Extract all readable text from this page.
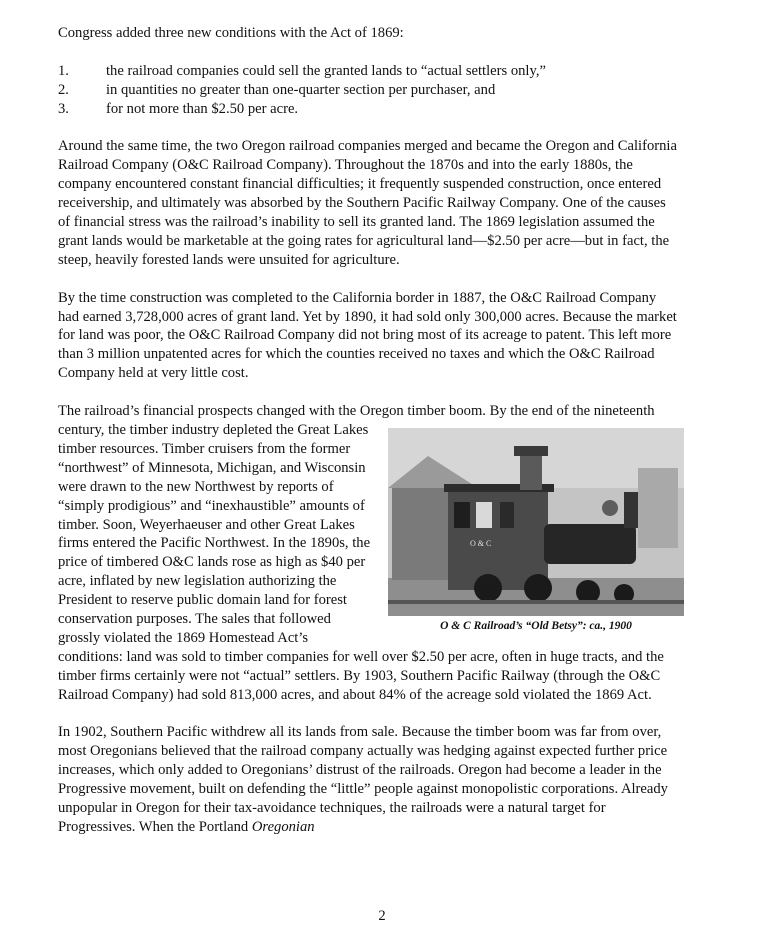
Congress added three new conditions with the Act of 1869:

1.	the railroad companies could sell the granted lands to “actual settlers only,”
2.	in quantities no greater than one-quarter section per purchaser, and
3.	for not more than $2.50 per acre.

Around the same time, the two Oregon railroad companies merged and became the Oregon and California Railroad Company (O&C Railroad Company). Throughout the 1870s and into the early 1880s, the company encountered constant financial difficulties; it frequently suspended construction, once entered receivership, and ultimately was absorbed by the Southern Pacific Railway Company. One of the causes of financial stress was the railroad’s inability to sell its granted land. The 1869 legislation assumed the grant lands would be marketable at the going rates for agricultural land—$2.50 per acre—but in fact, the steep, heavily forested lands were unsuited for agriculture.

By the time construction was completed to the California border in 1887, the O&C Railroad Company had earned 3,728,000 acres of grant land. Yet by 1890, it had sold only 300,000 acres. Because the market for land was poor, the O&C Railroad Company did not bring most of its acreage to patent. This left more than 3 million unpatented acres for which the counties received no taxes and which the O&C Railroad Company held at very little cost.

The railroad’s financial prospects changed with the Oregon timber boom. By the end of the
O & C
O & C Railroad’s “Old Betsy”: ca., 1900
nineteenth century, the timber industry depleted the Great Lakes timber resources. Timber cruisers from the former “northwest” of Minnesota, Michigan, and Wisconsin were drawn to the new Northwest by reports of “simply prodigious” and “inexhaustible” amounts of timber. Soon, Weyerhaeuser and other Great Lakes firms entered the Pacific Northwest. In the 1890s, the price of timbered O&C lands rose as high as $40 per acre, inflated by new legislation authorizing the President to reserve public domain land for forest conservation purposes. The sales that followed grossly violated the 1869 Homestead Act’s conditions: land was sold to timber companies for well over $2.50 per acre, often in huge tracts, and the timber firms certainly were not “actual” settlers. By 1903, Southern Pacific Railway (through the O&C Railroad Company) had sold 813,000 acres, and about 84% of the acreage sold violated the 1869 Act.

In 1902, Southern Pacific withdrew all its lands from sale. Because the timber boom was far from over, most Oregonians believed that the railroad company actually was hedging against expected further price increases, which only added to Oregonians’ distrust of the railroads. Oregon had become a leader in the Progressive movement, built on defending the “little” people against monopolistic corporations. Already unpopular in Oregon for their tax-avoidance techniques, the railroads were a natural target for Progressives. When the Portland Oregonian

2
